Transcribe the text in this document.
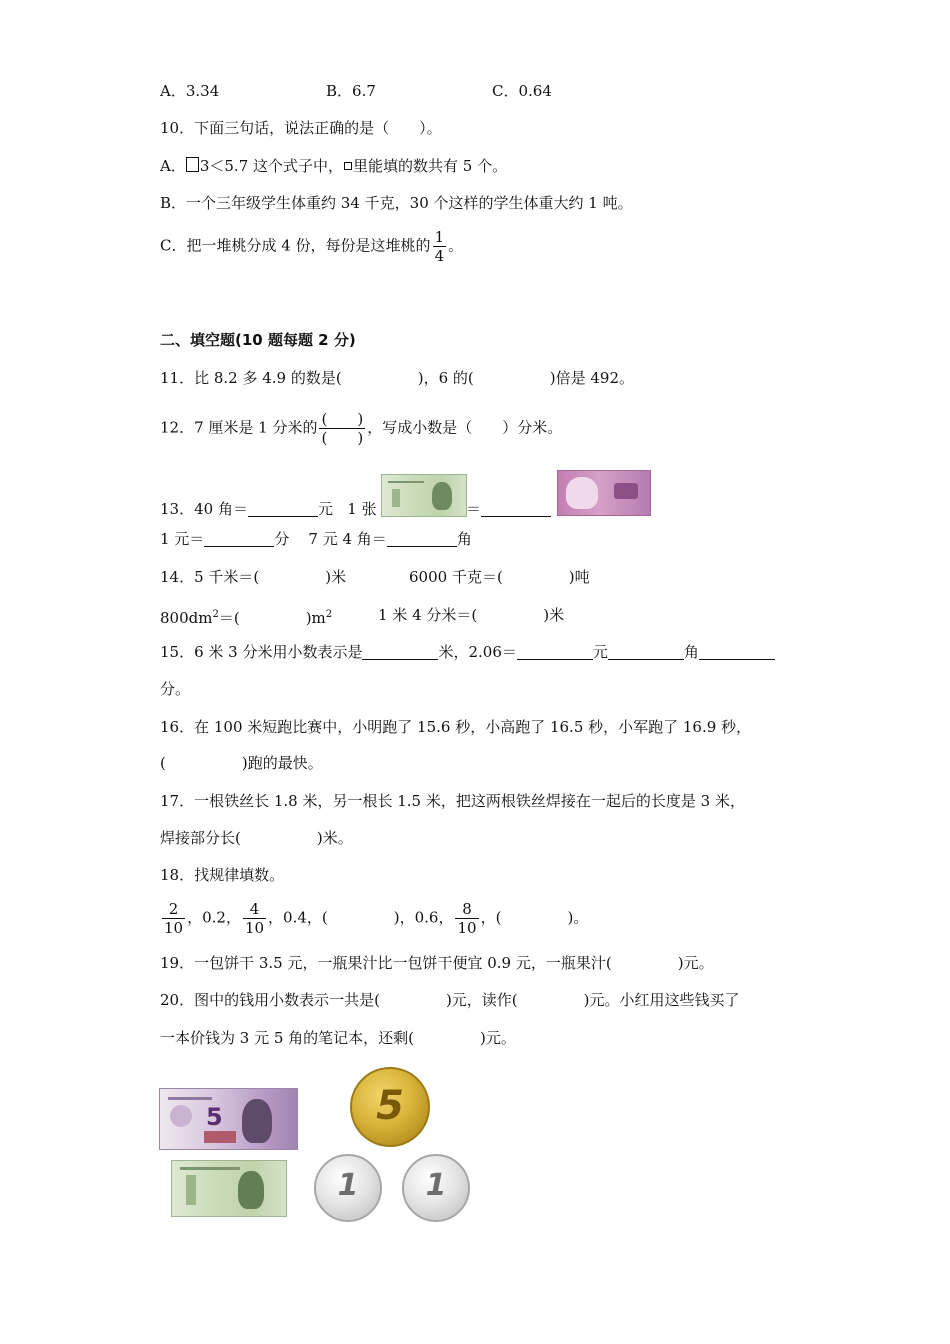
A．3.34	B．6.7	C．0.64
10．下面三句话，说法正确的是（　　）。
A． 3＜5.7 这个式子中， 里能填的数共有 5 个。
B．一个三年级学生体重约 34 千克，30 个这样的学生体重大约 1 吨。
C．把一堆桃分成 4 份，每份是这堆桃的 $\frac{1}{4}$ 。
二、填空题(10 题每题 2 分)
11．比 8.2 多 4.9 的数是(	)，6 的(	)倍是 492。
12．7 厘米是 1 分米的 $\frac{( )}{( )}$ ，写成小数是（　　）分米。
13．40 角＝	元 1 张	＝
1 元＝	分 7 元 4 角＝	角
14．5 千米＝(	)米	6000 千克＝(	)吨
$800dm^2=$(	)$m^2$	1 米 4 分米＝(	)米
15．6 米 3 分米用小数表示是	米，2.06＝	元	角
分。
16．在 100 米短跑比赛中，小明跑了 15.6 秒，小高跑了 16.5 秒，小军跑了 16.9 秒，
(	)跑的最快。
17．一根铁丝长 1.8 米，另一根长 1.5 米，把这两根铁丝焊接在一起后的长度是 3 米，
焊接部分长(	)米。
18．找规律填数。
$\frac{2}{10}$ ，0.2， $\frac{4}{10}$ ，0.4，(	)，0.6， $\frac{8}{10}$ ，(	)。
19．一包饼干 3.5 元，一瓶果汁比一包饼干便宜 0.9 元，一瓶果汁(	)元。
20．图中的钱用小数表示一共是(	)元，读作(	)元。小红用这些钱买了
一本价钱为 3 元 5 角的笔记本，还剩(	)元。
5	5
1	1
